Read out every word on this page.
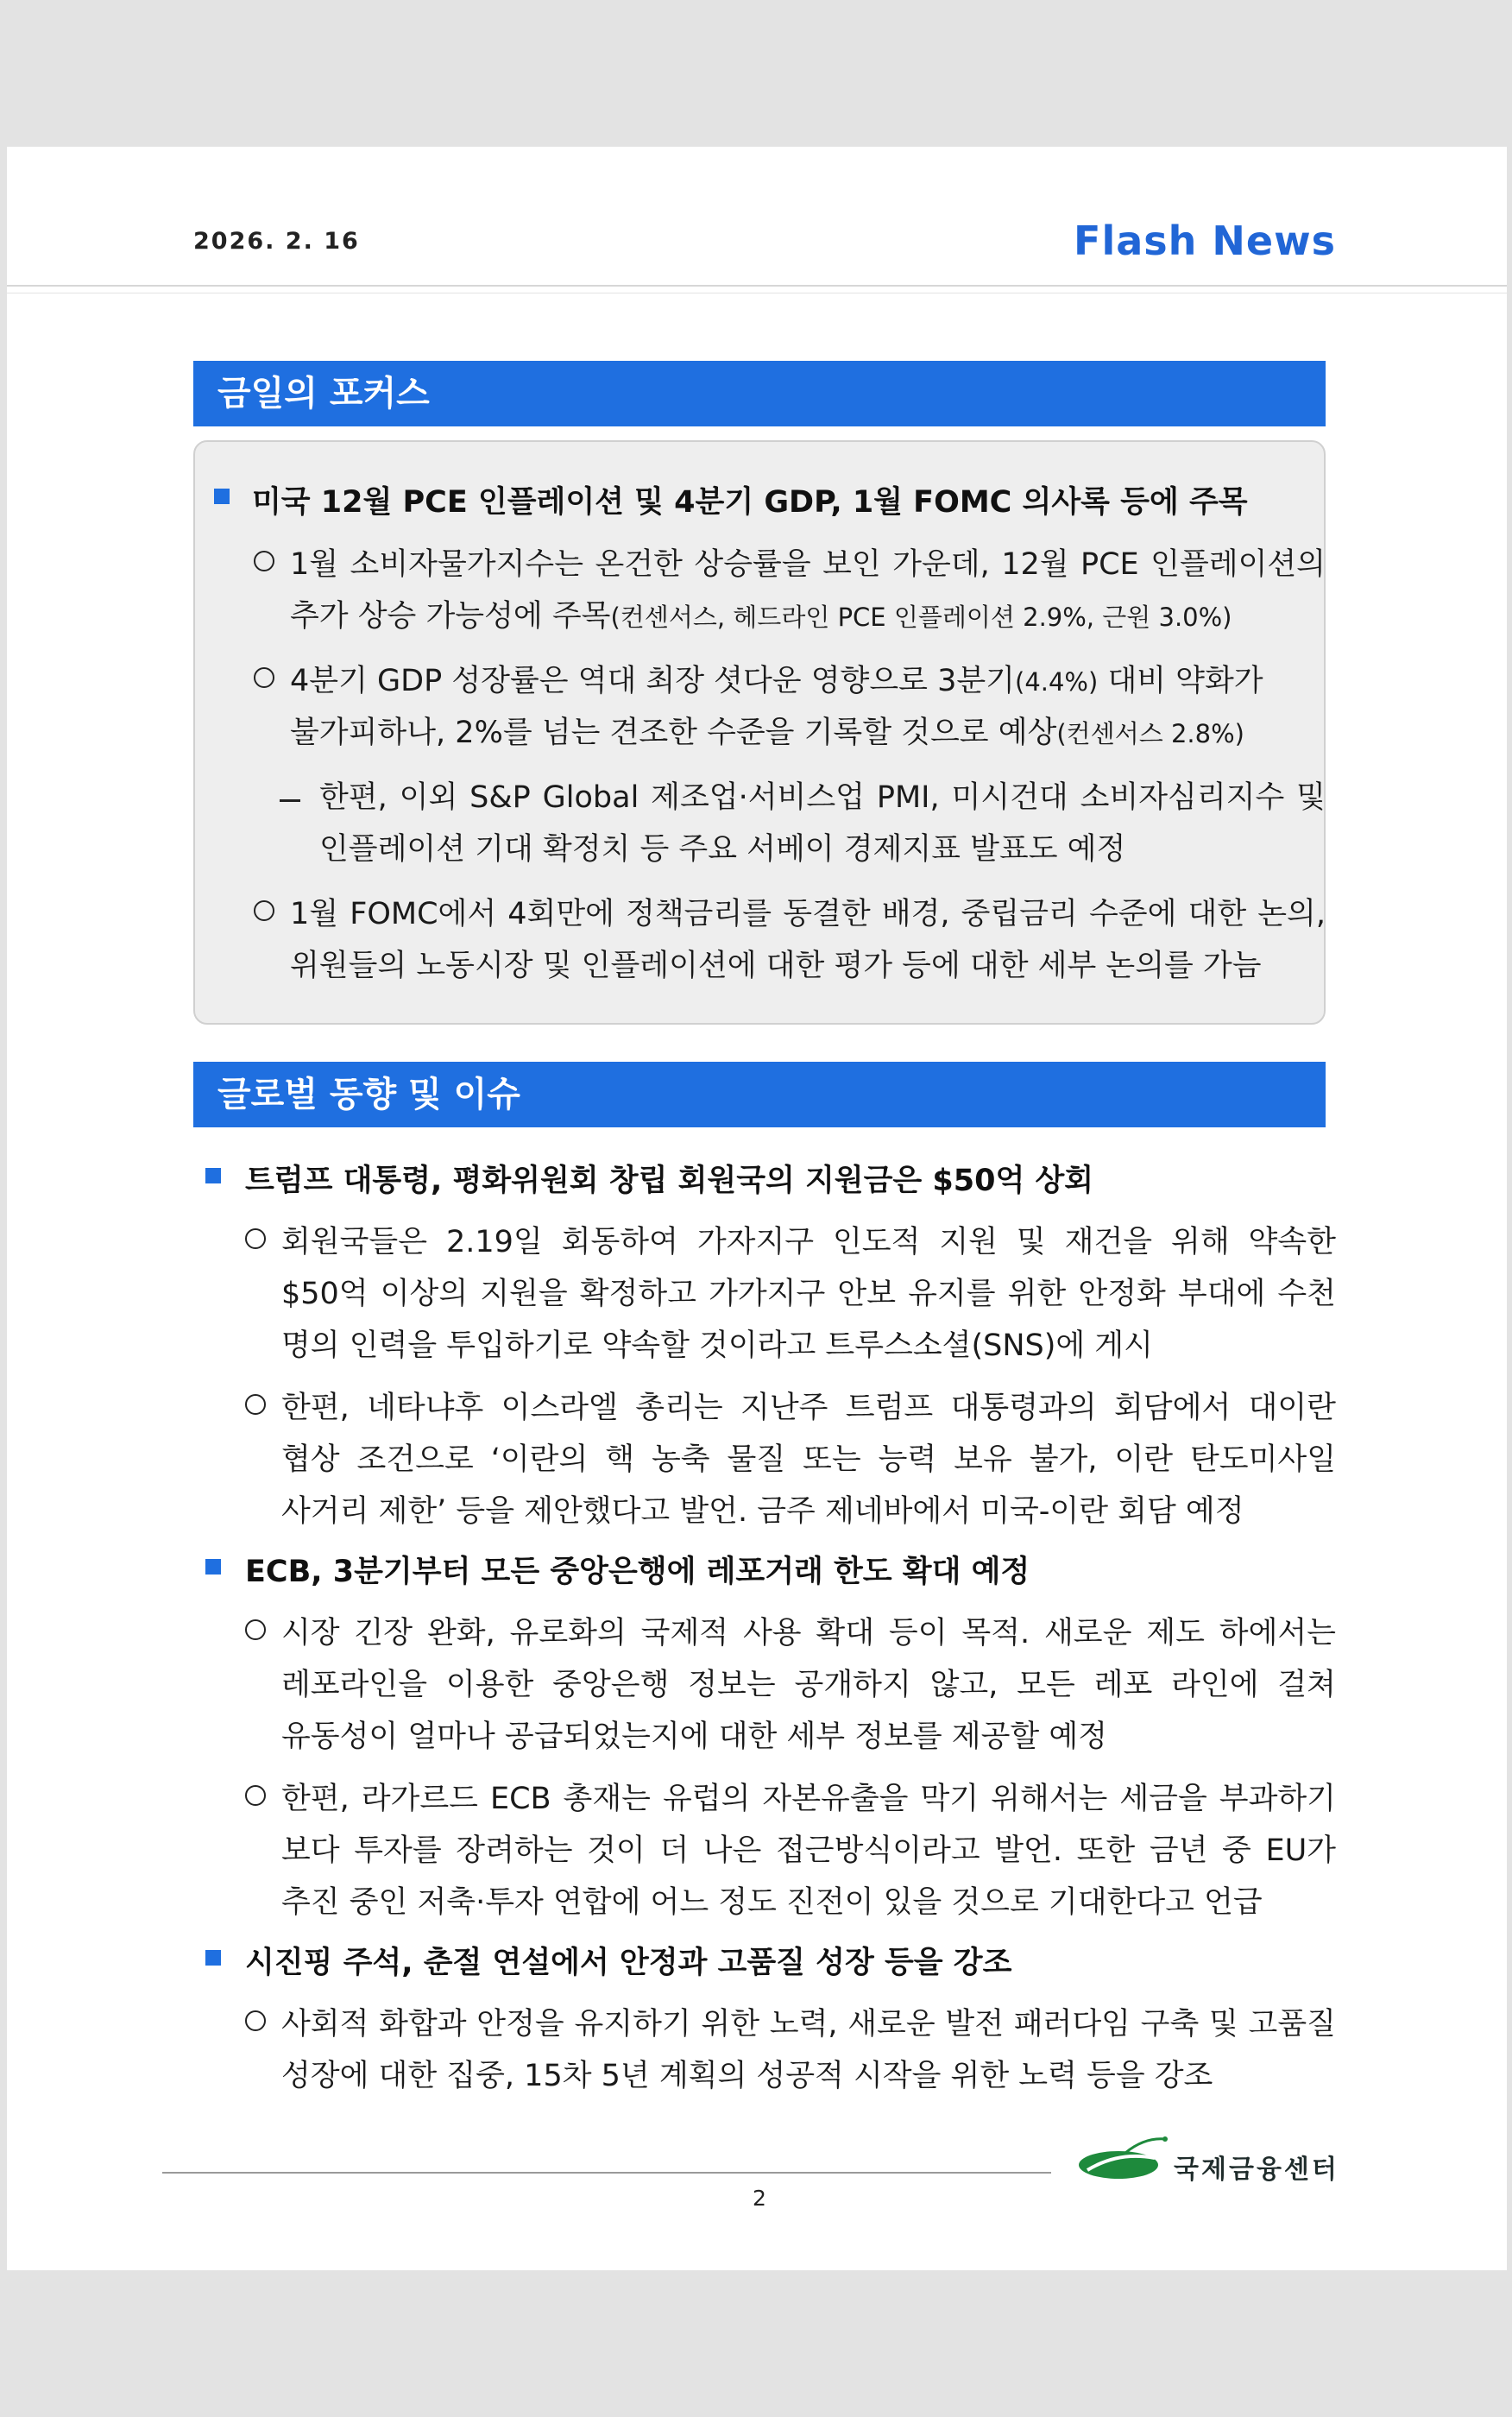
2026. 2. 16	Flash News
금일의 포커스
미국 12월 PCE 인플레이션 및 4분기 GDP, 1월 FOMC 의사록 등에 주목
1월 소비자물가지수는 온건한 상승률을 보인 가운데, 12월 PCE 인플레이션의
추가 상승 가능성에 주목(컨센서스, 헤드라인 PCE 인플레이션 2.9%, 근원 3.0%)
4분기 GDP 성장률은 역대 최장 셧다운 영향으로 3분기(4.4%) 대비 약화가
불가피하나, 2%를 넘는 견조한 수준을 기록할 것으로 예상(컨센서스 2.8%)
한편, 이외 S&P Global 제조업·서비스업 PMI, 미시건대 소비자심리지수 및
인플레이션 기대 확정치 등 주요 서베이 경제지표 발표도 예정
1월 FOMC에서 4회만에 정책금리를 동결한 배경, 중립금리 수준에 대한 논의,
위원들의 노동시장 및 인플레이션에 대한 평가 등에 대한 세부 논의를 가늠
글로벌 동향 및 이슈
트럼프 대통령, 평화위원회 창립 회원국의 지원금은 $50억 상회
회원국들은 2.19일 회동하여 가자지구 인도적 지원 및 재건을 위해 약속한
$50억 이상의 지원을 확정하고 가가지구 안보 유지를 위한 안정화 부대에 수천
명의 인력을 투입하기로 약속할 것이라고 트루스소셜(SNS)에 게시
한편, 네타냐후 이스라엘 총리는 지난주 트럼프 대통령과의 회담에서 대이란
협상 조건으로 ‘이란의 핵 농축 물질 또는 능력 보유 불가, 이란 탄도미사일
사거리 제한’ 등을 제안했다고 발언. 금주 제네바에서 미국-이란 회담 예정
ECB, 3분기부터 모든 중앙은행에 레포거래 한도 확대 예정
시장 긴장 완화, 유로화의 국제적 사용 확대 등이 목적. 새로운 제도 하에서는
레포라인을 이용한 중앙은행 정보는 공개하지 않고, 모든 레포 라인에 걸쳐
유동성이 얼마나 공급되었는지에 대한 세부 정보를 제공할 예정
한편, 라가르드 ECB 총재는 유럽의 자본유출을 막기 위해서는 세금을 부과하기
보다 투자를 장려하는 것이 더 나은 접근방식이라고 발언. 또한 금년 중 EU가
추진 중인 저축·투자 연합에 어느 정도 진전이 있을 것으로 기대한다고 언급
시진핑 주석, 춘절 연설에서 안정과 고품질 성장 등을 강조
사회적 화합과 안정을 유지하기 위한 노력, 새로운 발전 패러다임 구축 및 고품질
성장에 대한 집중, 15차 5년 계획의 성공적 시작을 위한 노력 등을 강조
국제금융센터
2
